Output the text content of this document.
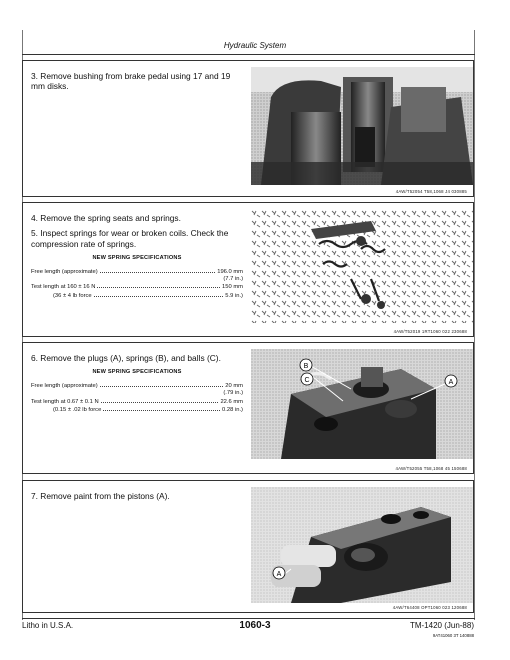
Hydraulic System

3. Remove bushing from brake pedal using 17 and 19 mm disks.

4AW/T52054 T58,1068 J4 030885

4. Remove the spring seats and springs.

5. Inspect springs for wear or broken coils. Check the compression rate of springs.

NEW SPRING SPECIFICATIONS
Free length (approximate)	196.0 mm
(7.7 in.)
Test length at 160 ± 16 N	150 mm
(36 ± 4 lb force	5.9 in.)
4AW/T52019 1RT1060 022 230688

6. Remove the plugs (A), springs (B), and balls (C).

NEW SPRING SPECIFICATIONS
Free length (approximate)	20 mm
(.79 in.)
Test length at 0.67 ± 0.1 N	22.6 mm
(0.15 ± .02 lb force	0.28 in.)
B
C	A
4AW/T52055 T58,1068 45 150688

7. Remove paint from the pistons (A).

A
4AW/T64408 OPT1060 023 120688
Litho in U.S.A.	1060-3	TM-1420 (Jun-88)
9AT41060 3T 140888
